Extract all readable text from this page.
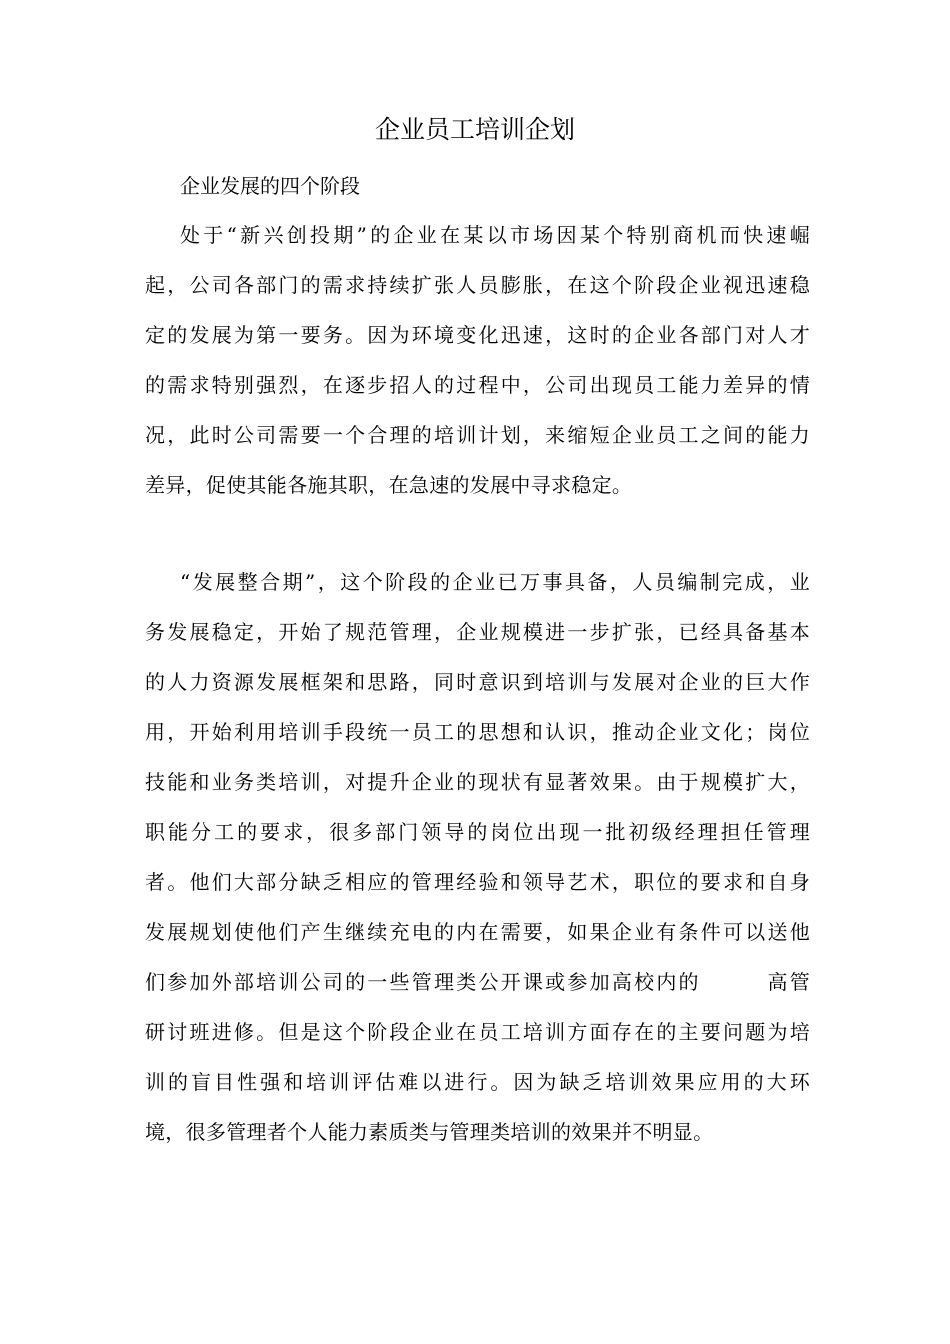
企业员工培训企划
企业发展的四个阶段
处于“新兴创投期”的企业在某以市场因某个特别商机而快速崛
起，公司各部门的需求持续扩张人员膨胀，在这个阶段企业视迅速稳
定的发展为第一要务。因为环境变化迅速，这时的企业各部门对人才
的需求特别强烈，在逐步招人的过程中，公司出现员工能力差异的情
况，此时公司需要一个合理的培训计划，来缩短企业员工之间的能力
差异，促使其能各施其职，在急速的发展中寻求稳定。
“发展整合期”，这个阶段的企业已万事具备，人员编制完成，业
务发展稳定，开始了规范管理，企业规模进一步扩张，已经具备基本
的人力资源发展框架和思路，同时意识到培训与发展对企业的巨大作
用，开始利用培训手段统一员工的思想和认识，推动企业文化；岗位
技能和业务类培训，对提升企业的现状有显著效果。由于规模扩大，
职能分工的要求，很多部门领导的岗位出现一批初级经理担任管理
者。他们大部分缺乏相应的管理经验和领导艺术，职位的要求和自身
发展规划使他们产生继续充电的内在需要，如果企业有条件可以送他
们参加外部培训公司的一些管理类公开课或参加高校内的　　　高管
研讨班进修。但是这个阶段企业在员工培训方面存在的主要问题为培
训的盲目性强和培训评估难以进行。因为缺乏培训效果应用的大环
境，很多管理者个人能力素质类与管理类培训的效果并不明显。
